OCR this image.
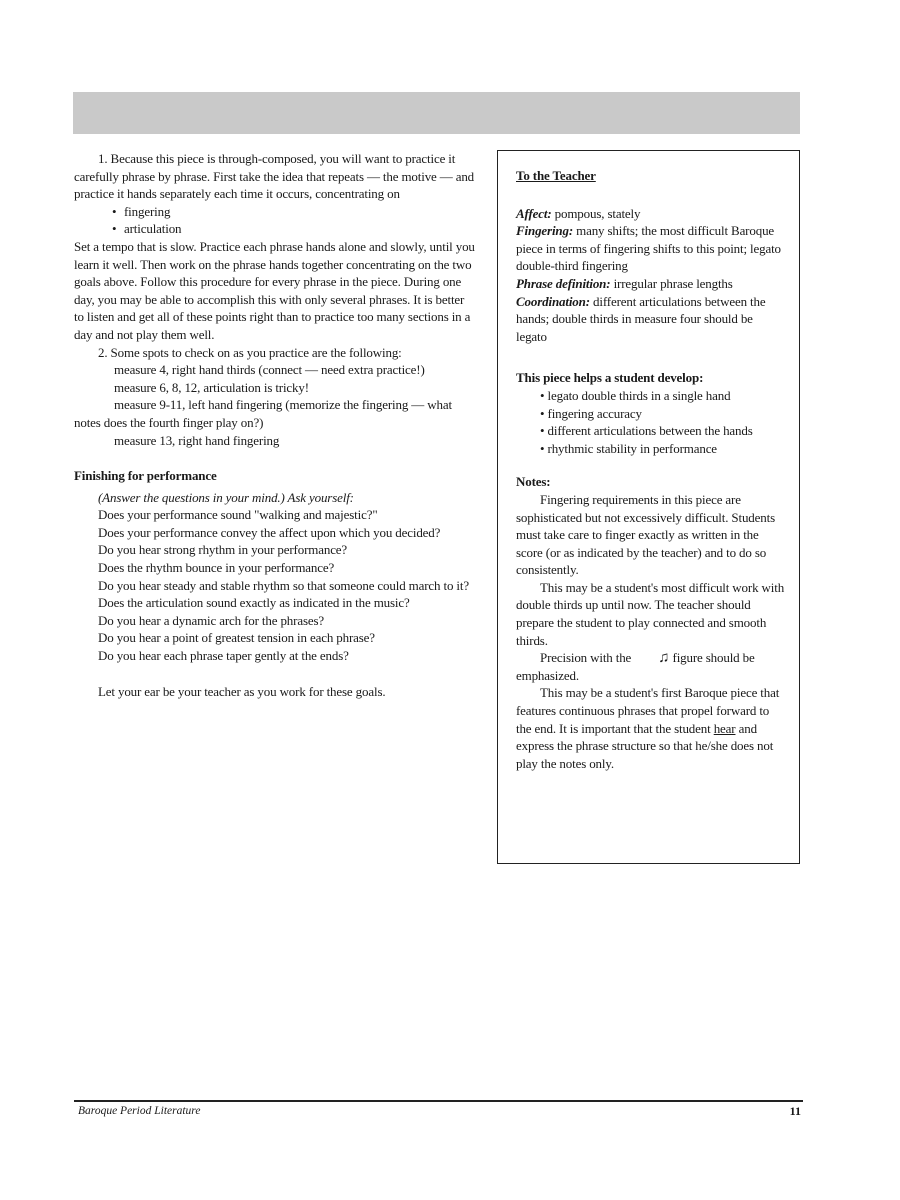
1. Because this piece is through-composed, you will want to practice it carefully phrase by phrase. First take the idea that repeats — the motive — and practice it hands separately each time it occurs, concentrating on

• fingering
• articulation

Set a tempo that is slow. Practice each phrase hands alone and slowly, until you learn it well. Then work on the phrase hands together concentrating on the two goals above. Follow this procedure for every phrase in the piece. During one day, you may be able to accomplish this with only several phrases. It is better to listen and get all of these points right than to practice too many sections in a day and not play them well.

2. Some spots to check on as you practice are the following:

measure 4, right hand thirds (connect — need extra practice!)

measure 6, 8, 12, articulation is tricky!

measure 9-11, left hand fingering (memorize the fingering — what notes does the fourth finger play on?)

measure 13, right hand fingering

Finishing for performance

(Answer the questions in your mind.) Ask yourself:

Does your performance sound "walking and majestic?"

Does your performance convey the affect upon which you decided?

Do you hear strong rhythm in your performance?

Does the rhythm bounce in your performance?

Do you hear steady and stable rhythm so that someone could march to it?

Does the articulation sound exactly as indicated in the music?

Do you hear a dynamic arch for the phrases?

Do you hear a point of greatest tension in each phrase?

Do you hear each phrase taper gently at the ends?

Let your ear be your teacher as you work for these goals.

To the Teacher

Affect: pompous, stately

Fingering: many shifts; the most difficult Baroque piece in terms of fingering shifts to this point; legato double-third fingering

Phrase definition: irregular phrase lengths

Coordination: different articulations between the hands; double thirds in measure four should be legato

This piece helps a student develop:

• legato double thirds in a single hand
• fingering accuracy
• different articulations between the hands
• rhythmic stability in performance

Notes:

Fingering requirements in this piece are sophisticated but not excessively difficult. Students must take care to finger exactly as written in the score (or as indicated by the teacher) and to do so consistently.

This may be a student's most difficult work with double thirds up until now. The teacher should prepare the student to play connected and smooth thirds.

Precision with the ♫ figure should be emphasized.

This may be a student's first Baroque piece that features continuous phrases that propel forward to the end. It is important that the student hear and express the phrase structure so that he/she does not play the notes only.

Baroque Period Literature	11
